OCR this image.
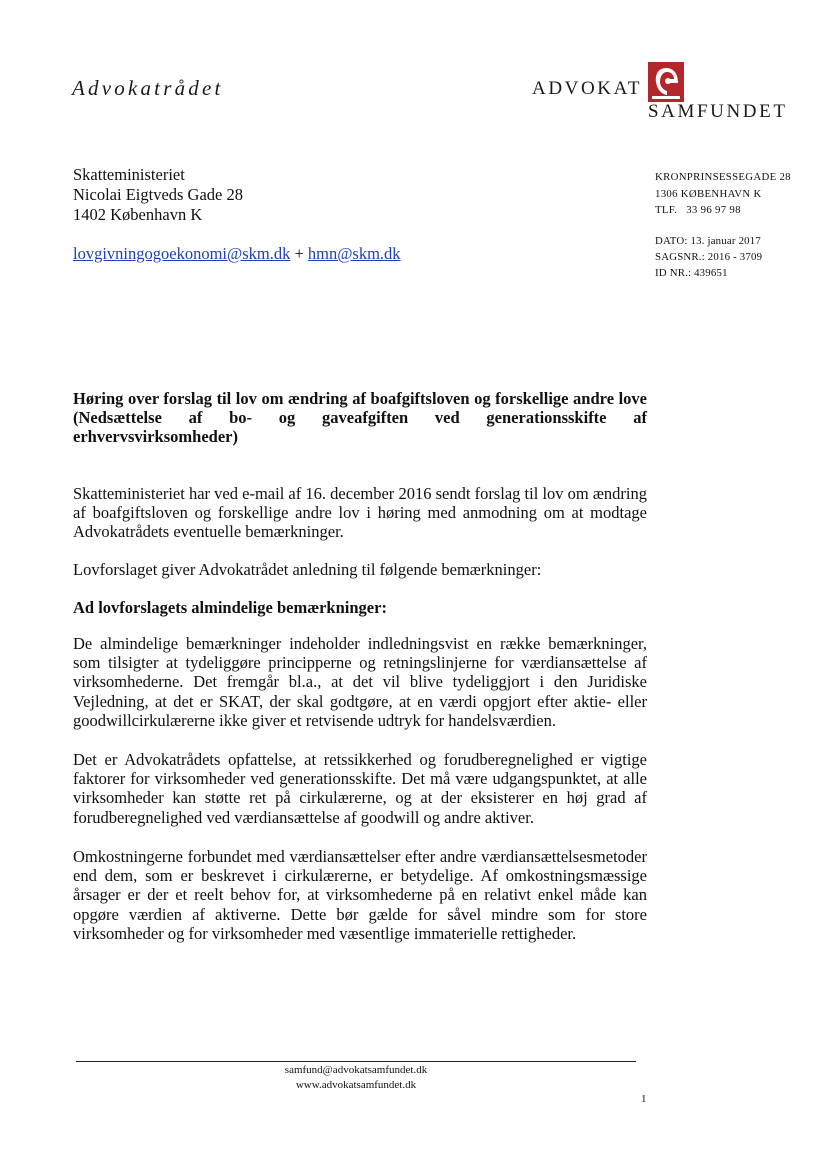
Advokatrådet	ADVOKAT
SAMFUNDET
Skatteministeriet
Nicolai Eigtveds Gade 28
1402 København K
lovgivningogoekonomi@skm.dk + hmn@skm.dk
KRONPRINSESSEGADE 28
1306 KØBENHAVN K
TLF.   33 96 97 98
DATO: 13. januar 2017
SAGSNR.: 2016 - 3709
ID NR.: 439651
Høring over forslag til lov om ændring af boafgiftsloven og forskellige andre love (Nedsættelse af bo- og gaveafgiften ved generationsskifte af erhvervsvirksomheder)
Skatteministeriet har ved e-mail af 16. december 2016 sendt forslag til lov om ændring af boafgiftsloven og forskellige andre lov i høring med anmodning om at modtage Advokatrådets eventuelle bemærkninger.
Lovforslaget giver Advokatrådet anledning til følgende bemærkninger:
Ad lovforslagets almindelige bemærkninger:
De almindelige bemærkninger indeholder indledningsvist en række bemærkninger, som tilsigter at tydeliggøre principperne og retningslinjerne for værdiansættelse af virksomhederne. Det fremgår bl.a., at det vil blive tydeliggjort i den Juridiske Vejledning, at det er SKAT, der skal godtgøre, at en værdi opgjort efter aktie- eller goodwillcirkulærerne ikke giver et retvisende udtryk for handelsværdien.
Det er Advokatrådets opfattelse, at retssikkerhed og forudberegnelighed er vigtige faktorer for virksomheder ved generationsskifte. Det må være udgangspunktet, at alle virksomheder kan støtte ret på cirkulærerne, og at der eksisterer en høj grad af forudberegnelighed ved værdiansættelse af goodwill og andre aktiver.
Omkostningerne forbundet med værdiansættelser efter andre værdiansættelsesmetoder end dem, som er beskrevet i cirkulærerne, er betydelige. Af omkostningsmæssige årsager er der et reelt behov for, at virksomhederne på en relativt enkel måde kan opgøre værdien af aktiverne. Dette bør gælde for såvel mindre som for store virksomheder og for virksomheder med væsentlige immaterielle rettigheder.
samfund@advokatsamfundet.dk
www.advokatsamfundet.dk
1
